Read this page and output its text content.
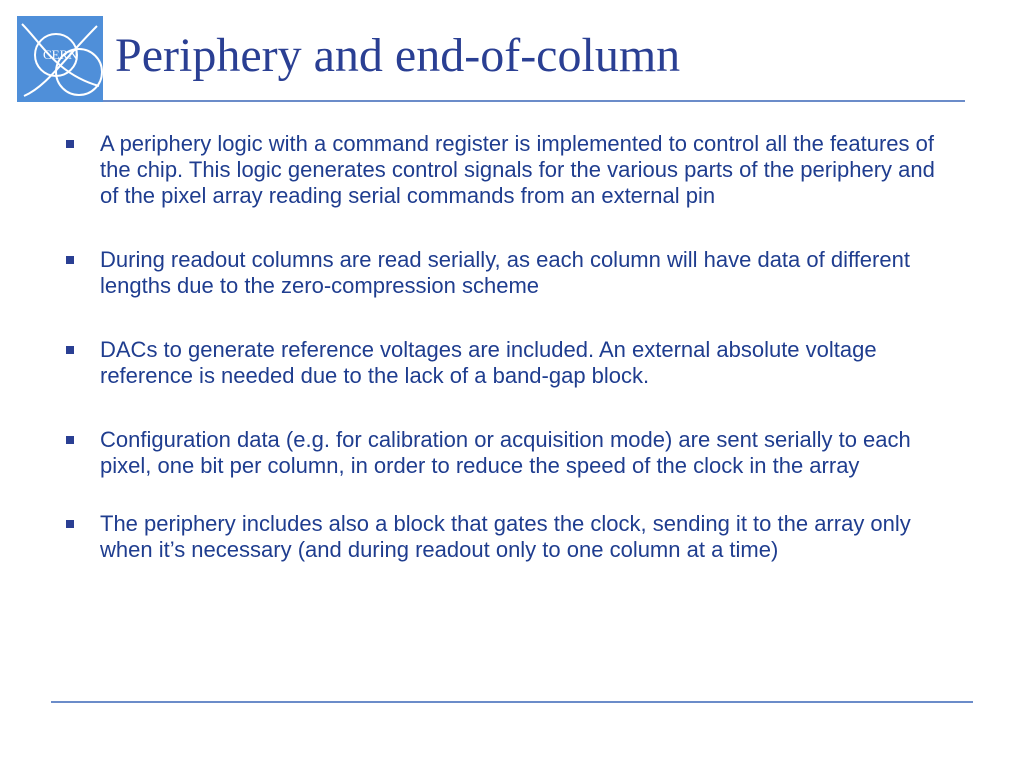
CERN Periphery and end-of-column
A periphery logic with a command register is implemented to control all the features of the chip. This logic generates control signals for the various parts of the periphery and of the pixel array reading serial commands from an external pin
During readout columns are read serially, as each column will have data of different lengths due to the zero-compression scheme
DACs to generate reference voltages are included. An external absolute voltage reference is needed due to the lack of a band-gap block.
Configuration data (e.g. for calibration or acquisition mode) are sent serially to each pixel, one bit per column, in order to reduce the speed of the clock in the array
The periphery includes also a block that gates the clock, sending it to the array only when it’s necessary (and during readout only to one column at a time)
